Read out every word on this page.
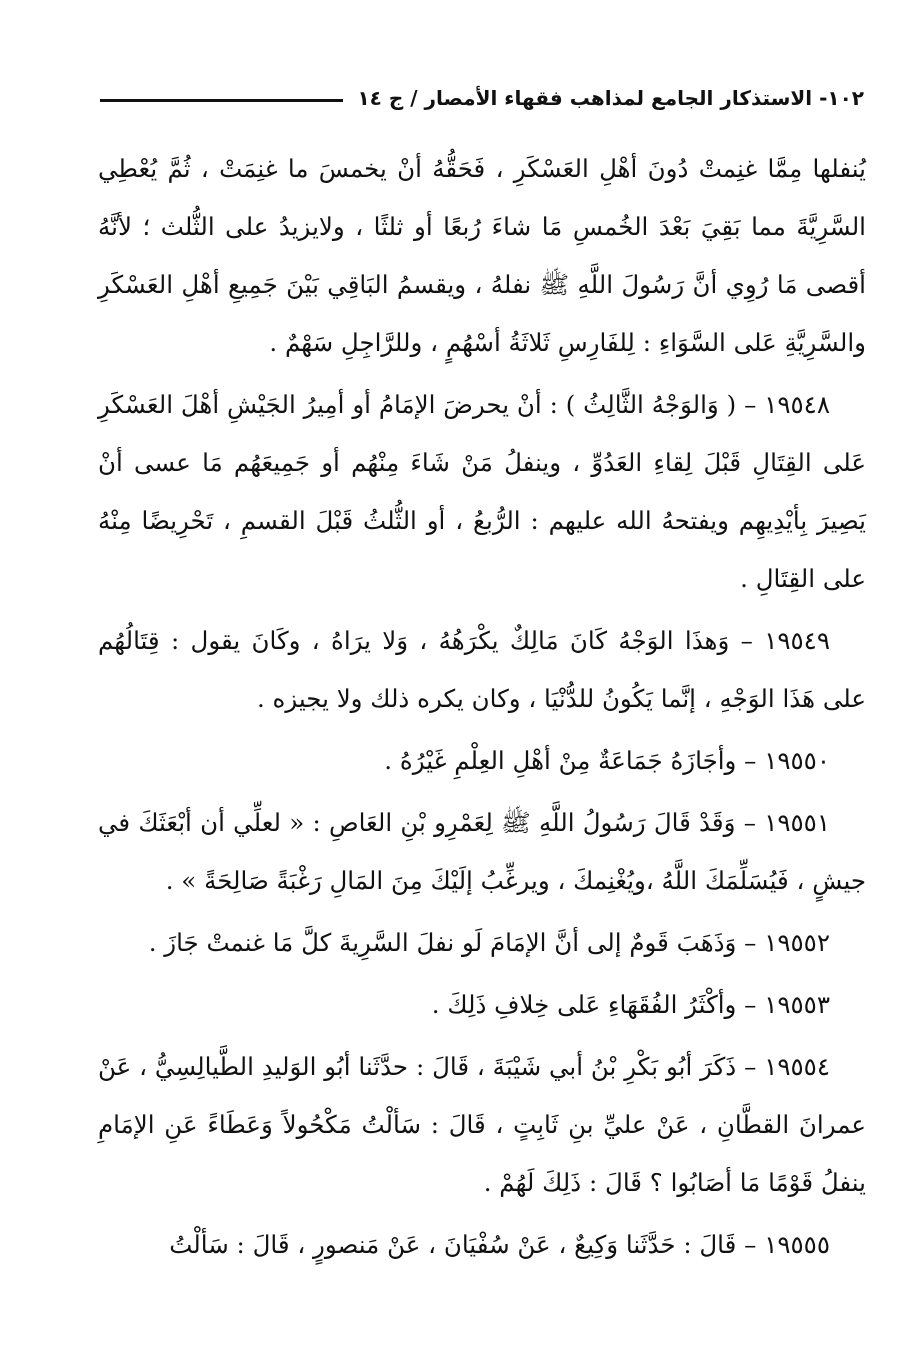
١٠٢- الاستذكار الجامع لمذاهب فقهاء الأمصار / ج ١٤

يُنفلها مِمَّا غنِمتْ دُونَ أهْلِ العَسْكَرِ ، فَحَقُّهُ أنْ يخمسَ ما غنِمَتْ ، ثُمَّ يُعْطِي السَّرِيَّةَ مما بَقِيَ بَعْدَ الخُمسِ مَا شاءَ رُبعًا أو ثلثًا ، ولايزيدُ على الثُّلث ؛ لأنَّهُ أقصى مَا رُوِي أنَّ رَسُولَ اللَّهِ ﷺ نفلهُ ، ويقسمُ البَاقِي بَيْنَ جَمِيعِ أهْلِ العَسْكَرِ والسَّرِيَّةِ عَلى السَّوَاءِ : لِلفَارِسِ ثَلاثَةُ أسْهُمٍ ، وللرَّاجِلِ سَهْمٌ .

١٩٥٤٨ – ( وَالوَجْهُ الثَّالِثُ ) : أنْ يحرضَ الإمَامُ أو أمِيرُ الجَيْشِ أهْلَ العَسْكَرِ عَلى القِتَالِ قَبْلَ لِقاءِ العَدُوِّ ، وينفلُ مَنْ شَاءَ مِنْهُم أو جَمِيعَهُم مَا عسى أنْ يَصِيرَ بِأيْدِيهِم ويفتحهُ الله عليهم : الرُّبعُ ، أو الثُّلثُ قَبْلَ القسمِ ، تَحْرِيضًا مِنْهُ على القِتَالِ .

١٩٥٤٩ – وَهذَا الوَجْهُ كَانَ مَالِكٌ يكْرَهُهُ ، وَلا يرَاهُ ، وكَانَ يقول : قِتَالُهُم على هَذَا الوَجْهِ ، إنَّما يَكُونُ للدُّنْيَا ، وكان يكره ذلك ولا يجيزه .

١٩٥٥٠ – وأجَازَهُ جَمَاعَةٌ مِنْ أهْلِ العِلْمِ غَيْرُهُ .

١٩٥٥١ – وَقَدْ قَالَ رَسُولُ اللَّهِ ﷺ لِعَمْرِو بْنِ العَاصِ : « لعلِّي أن أبْعَثَكَ في جيشٍ ، فَيُسَلِّمَكَ اللَّهُ ،ويُغْنِمكَ ، ويرغِّبُ إلَيْكَ مِنَ المَالِ رَغْبَةً صَالِحَةً » .

١٩٥٥٢ – وَذَهَبَ قَومٌ إلى أنَّ الإمَامَ لَو نفلَ السَّرِيةَ كلَّ مَا غنمتْ جَازَ .

١٩٥٥٣ – وأكْثَرُ الفُقَهَاءِ عَلى خِلافِ ذَلِكَ .

١٩٥٥٤ – ذَكَرَ أبُو بَكْرِ بْنُ أبي شَيْبَةَ ، قَالَ : حدَّثَنا أبُو الوَليدِ الطَّيالِسِيُّ ، عَنْ عمرانَ القطَّانِ ، عَنْ عليِّ بنِ ثَابِتٍ ، قَالَ : سَألْتُ مَكْحُولاً وَعَطَاءً عَنِ الإمَامِ ينفلُ قَوْمًا مَا أصَابُوا ؟ قَالَ : ذَلِكَ لَهُمْ .

١٩٥٥٥ – قَالَ : حَدَّثَنا وَكِيعٌ ، عَنْ سُفْيَانَ ، عَنْ مَنصورٍ ، قَالَ : سَألْتُ
